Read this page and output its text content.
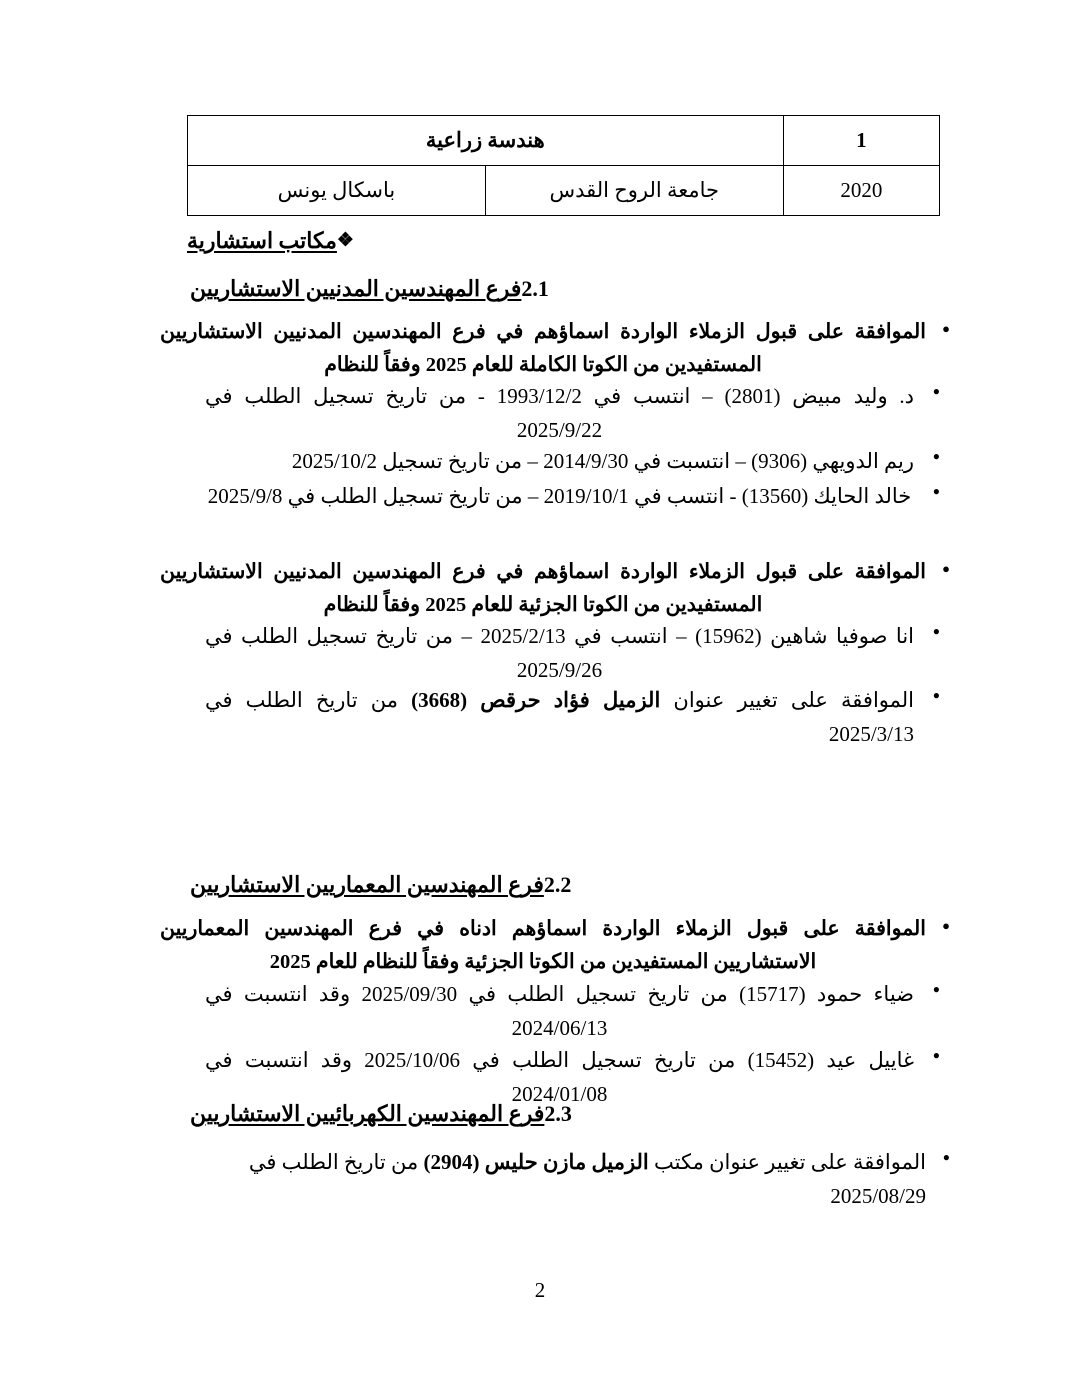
1	هندسة زراعية	
2020	جامعة الروح القدس	باسكال يونس
❖مكاتب استشارية
2.1فرع المهندسين المدنيين الاستشاريين
● الموافقة على قبول الزملاء الواردة اسماؤهم في فرع المهندسين المدنيين الاستشاريين المستفيدين من الكوتا الكاملة للعام 2025 وفقاً للنظام
● د. وليد مبيض (2801) – انتسب في 1993/12/2 - من تاريخ تسجيل الطلب في 2025/9/22
● ريم الدويهي (9306) – انتسبت في 2014/9/30 – من تاريخ تسجيل 2025/10/2
● خالد الحايك (13560) - انتسب في 2019/10/1 – من تاريخ تسجيل الطلب في 2025/9/8
● الموافقة على قبول الزملاء الواردة اسماؤهم في فرع المهندسين المدنيين الاستشاريين المستفيدين من الكوتا الجزئية للعام 2025 وفقاً للنظام
● انا صوفيا شاهين (15962) – انتسب في 2025/2/13 – من تاريخ تسجيل الطلب في 2025/9/26
● الموافقة على تغيير عنوان الزميل فؤاد حرقص (3668) من تاريخ الطلب في 2025/3/13
2.2فرع المهندسين المعماريين الاستشاريين
● الموافقة على قبول الزملاء الواردة اسماؤهم ادناه في فرع المهندسين المعماريين الاستشاريين المستفيدين من الكوتا الجزئية وفقاً للنظام للعام 2025
● ضياء حمود (15717) من تاريخ تسجيل الطلب في 2025/09/30 وقد انتسبت في 2024/06/13
● غاييل عيد (15452) من تاريخ تسجيل الطلب في 2025/10/06 وقد انتسبت في 2024/01/08
2.3فرع المهندسين الكهربائيين الاستشاريين
● الموافقة على تغيير عنوان مكتب الزميل مازن حليس (2904) من تاريخ الطلب في 2025/08/29
2
